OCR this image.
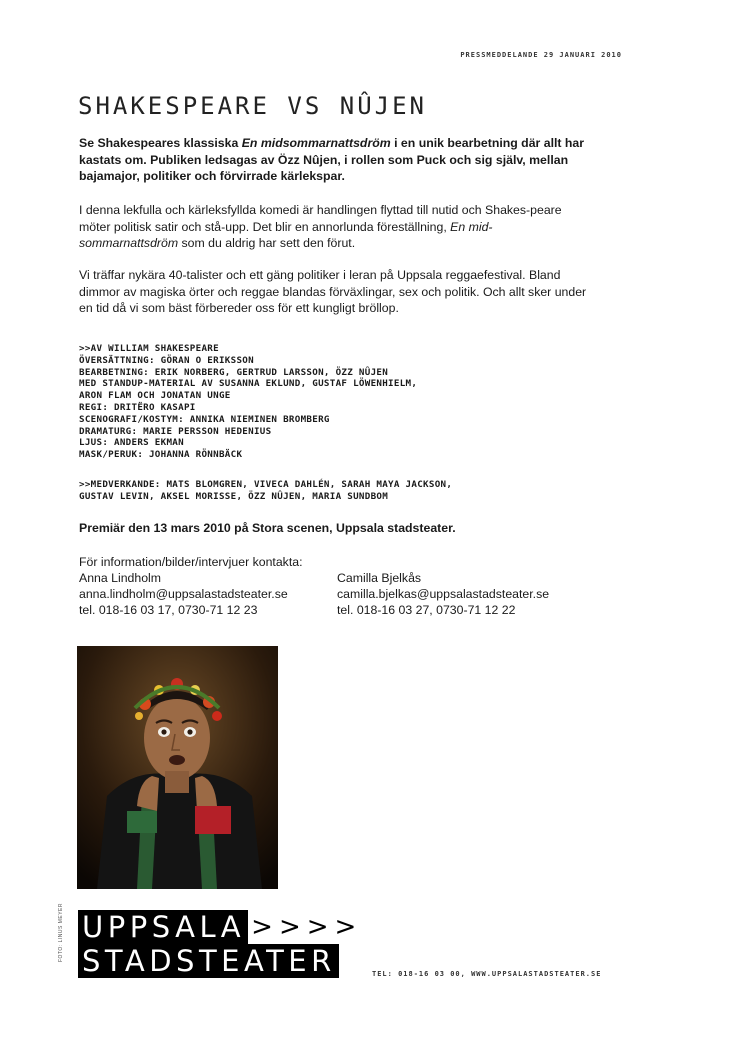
PRESSMEDDELANDE 29 JANUARI 2010
SHAKESPEARE VS NÛJEN

Se Shakespeares klassiska En midsommarnattsdröm i en unik bearbetning där allt har kastats om. Publiken ledsagas av Özz Nûjen, i rollen som Puck och sig själv, mellan bajamajor, politiker och förvirrade kärlekspar.

I denna lekfulla och kärleksfyllda komedi är handlingen flyttad till nutid och Shakes-peare möter politisk satir och stå-upp. Det blir en annorlunda föreställning, En mid-sommarnattsdröm som du aldrig har sett den förut.

Vi träffar nykära 40-talister och ett gäng politiker i leran på Uppsala reggaefestival. Bland dimmor av magiska örter och reggae blandas förväxlingar, sex och politik. Och allt sker under en tid då vi som bäst förbereder oss för ett kungligt bröllop.

>>AV WILLIAM SHAKESPEARE
ÖVERSÄTTNING: GÖRAN O ERIKSSON
BEARBETNING: ERIK NORBERG, GERTRUD LARSSON, ÖZZ NÛJEN
MED STANDUP-MATERIAL AV SUSANNA EKLUND, GUSTAF LÖWENHIELM,
ARON FLAM OCH JONATAN UNGE
REGI: DRITËRO KASAPI
SCENOGRAFI/KOSTYM: ANNIKA NIEMINEN BROMBERG
DRAMATURG: MARIE PERSSON HEDENIUS
LJUS: ANDERS EKMAN
MASK/PERUK: JOHANNA RÖNNBÄCK
>>MEDVERKANDE: MATS BLOMGREN, VIVECA DAHLÉN, SARAH MAYA JACKSON,
GUSTAV LEVIN, AKSEL MORISSE, ÖZZ NÛJEN, MARIA SUNDBOM
Premiär den 13 mars 2010 på Stora scenen, Uppsala stadsteater.
För information/bilder/intervjuer kontakta:
Anna Lindholm
anna.lindholm@uppsalastadsteater.se
tel. 018-16 03 17, 0730-71 12 23
Camilla Bjelkås
camilla.bjelkas@uppsalastadsteater.se
tel. 018-16 03 27, 0730-71 12 22
FOTO: LINUS MEYER UPPSALA >>>>
STADSTEATER	TEL: 018-16 03 00, WWW.UPPSALASTADSTEATER.SE
